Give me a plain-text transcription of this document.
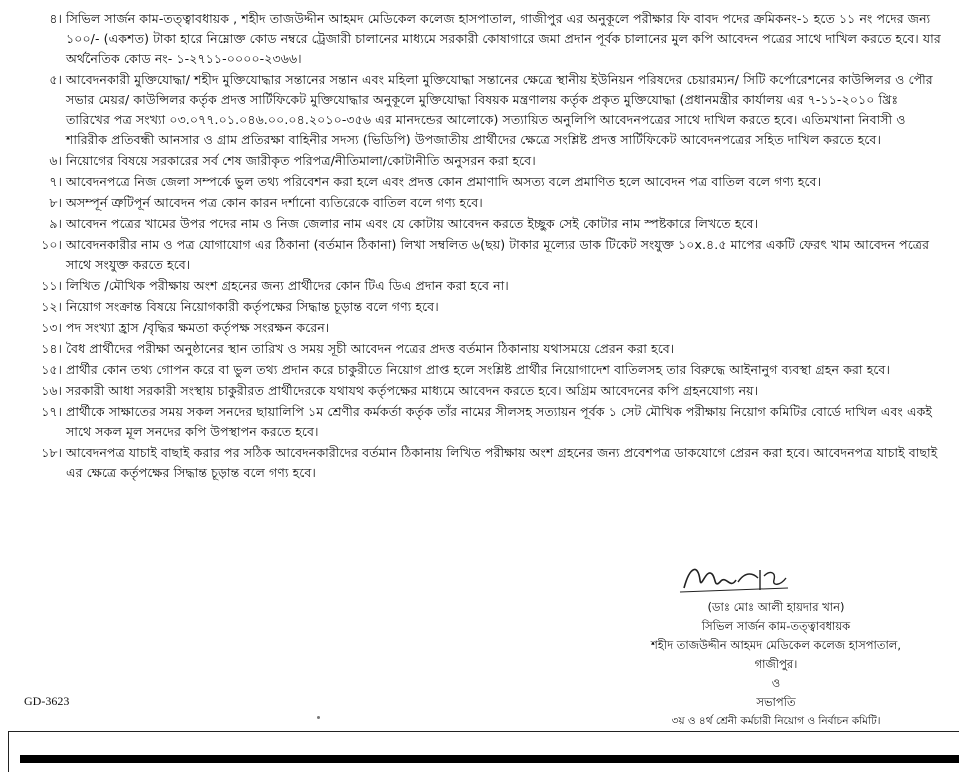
৪। সিভিল সার্জন কাম-তত্ত্বাবধায়ক , শহীদ তাজউদ্দীন আহমদ মেডিকেল কলেজ হাসপাতাল, গাজীপুর এর অনুকূলে পরীক্ষার ফি বাবদ পদের ক্রমিকনং-১ হতে ১১ নং পদের জন্য ১০০/- (একশত) টাকা হারে নিম্নোক্ত কোড নম্বরে ট্রেজারী চালানের মাধ্যমে সরকারী কোষাগারে জমা প্রদান পূর্বক চালানের মুল কপি আবেদন পত্রের সাথে দাখিল করতে হবে। যার অর্থনৈতিক কোড নং- ১-২৭১১-০০০০-২৩৬৬।
৫। আবেদনকারী মুক্তিযোদ্ধা/ শহীদ মুক্তিযোদ্ধার সন্তানের সন্তান এবং মহিলা মুক্তিযোদ্ধা সন্তানের ক্ষেত্রে স্থানীয় ইউনিয়ন পরিষদের চেয়ারম্যন/ সিটি কর্পোরেশনের কাউন্সিলর ও পৌর সভার মেয়র/ কাউন্সিলর কর্তৃক প্রদত্ত সার্টিফিকেট মুক্তিযোদ্ধার অনুকূলে মুক্তিযোদ্ধা বিষয়ক মন্ত্রণালয় কর্তৃক প্রকৃত মুক্তিযোদ্ধা (প্রধানমন্ত্রীর কার্যালয় এর ৭-১১-২০১০ খ্রিঃ তারিখের পত্র সংখ্যা ০৩.০৭৭.০১.০৪৬.০০.০৪.২০১০-৩৫৬ এর মানদন্ডের আলোকে) সত্যায়িত অনুলিপি আবেদনপত্রের সাথে দাখিল করতে হবে। এতিমখানা নিবাসী ও শারিরীক প্রতিবন্ধী আনসার ও গ্রাম প্রতিরক্ষা বাহিনীর সদস্য (ভিডিপি) উপজাতীয় প্রার্থীদের ক্ষেত্রে সংশ্লিষ্ট প্রদত্ত সার্টিফিকেট আবেদনপত্রের সহিত দাখিল করতে হবে।
৬। নিয়োগের বিষয়ে সরকারের সর্ব শেষ জারীকৃত পরিপত্র/নীতিমালা/কোটানীতি অনুসরন করা হবে।
৭। আবেদনপত্রে নিজ জেলা সম্পর্কে ভুল তথ্য পরিবেশন করা হলে এবং প্রদত্ত কোন প্রমাণাদি অসত্য বলে প্রমাণিত হলে আবেদন পত্র বাতিল বলে গণ্য হবে।
৮। অসম্পূর্ন ত্রুটিপূর্ন আবেদন পত্র কোন কারন দর্শানো ব্যতিরেকে বাতিল বলে গণ্য হবে।
৯। আবেদন পত্রের খামের উপর পদের নাম ও নিজ জেলার নাম এবং যে কোটায় আবেদন করতে ইচ্ছুক সেই কোটার নাম স্পষ্টকারে লিখতে হবে।
১০। আবেদনকারীর নাম ও পত্র যোগাযোগ এর ঠিকানা (বর্তমান ঠিকানা) লিখা সম্বলিত ৬(ছয়) টাকার মূল্যের ডাক টিকেট সংযুক্ত ১০x.৪.৫ মাপের একটি ফেরৎ খাম আবেদন পত্রের সাথে সংযুক্ত করতে হবে।
১১। লিখিত /মৌখিক পরীক্ষায় অংশ গ্রহনের জন্য প্রার্থীদের কোন টিএ ডিএ প্রদান করা হবে না।
১২। নিয়োগ সংক্রান্ত বিষয়ে নিয়োগকারী কর্তৃপক্ষের সিদ্ধান্ত চূড়ান্ত বলে গণ্য হবে।
১৩। পদ সংখ্যা হ্রাস /বৃদ্ধির ক্ষমতা কর্তৃপক্ষ সংরক্ষন করেন।
১৪। বৈধ প্রার্থীদের পরীক্ষা অনুষ্ঠানের স্থান তারিখ ও সময় সূচী আবেদন পত্রের প্রদত্ত বর্তমান ঠিকানায় যথাসময়ে প্রেরন করা হবে।
১৫। প্রার্থীর কোন তথ্য গোপন করে বা ভুল তথ্য প্রদান করে চাকুরীতে নিয়োগ প্রাপ্ত হলে সংশ্লিষ্ট প্রার্থীর নিয়োগাদেশ বাতিলসহ তার বিরুদ্ধে আইনানুগ ব্যবস্থা গ্রহন করা হবে।
১৬। সরকারী আধা সরকারী সংস্থায় চাকুরীরত প্রার্থীদেরকে যথাযথ কর্তৃপক্ষের মাধ্যমে আবেদন করতে হবে। অগ্রিম আবেদনের কপি গ্রহনযোগ্য নয়।
১৭। প্রার্থীকে সাক্ষাতের সময় সকল সনদের ছায়ালিপি ১ম শ্রেণীর কর্মকর্তা কর্তৃক তাঁর নামের সীলসহ সত্যায়ন পূর্বক ১ সেট মৌখিক পরীক্ষায় নিয়োগ কমিটির বোর্ডে দাখিল এবং একই সাথে সকল মূল সনদের কপি উপস্থাপন করতে হবে।
১৮। আবেদনপত্র যাচাই বাছাই করার পর সঠিক আবেদনকারীদের বর্তমান ঠিকানায় লিখিত পরীক্ষায় অংশ গ্রহনের জন্য প্রবেশপত্র ডাকযোগে প্রেরন করা হবে। আবেদনপত্র যাচাই বাছাই এর ক্ষেত্রে কর্তৃপক্ষের সিদ্ধান্ত চূড়ান্ত বলে গণ্য হবে।
(ডাঃ মোঃ আলী হায়দার খান)
সিভিল সার্জন কাম-তত্ত্বাবধায়ক
শহীদ তাজউদ্দীন আহমদ মেডিকেল কলেজ হাসপাতাল,
গাজীপুর।
ও
সভাপতি
৩য় ও ৪র্থ শ্রেনী কর্মচারী নিয়োগ ও নির্বাচন কমিটি।
GD-3623
